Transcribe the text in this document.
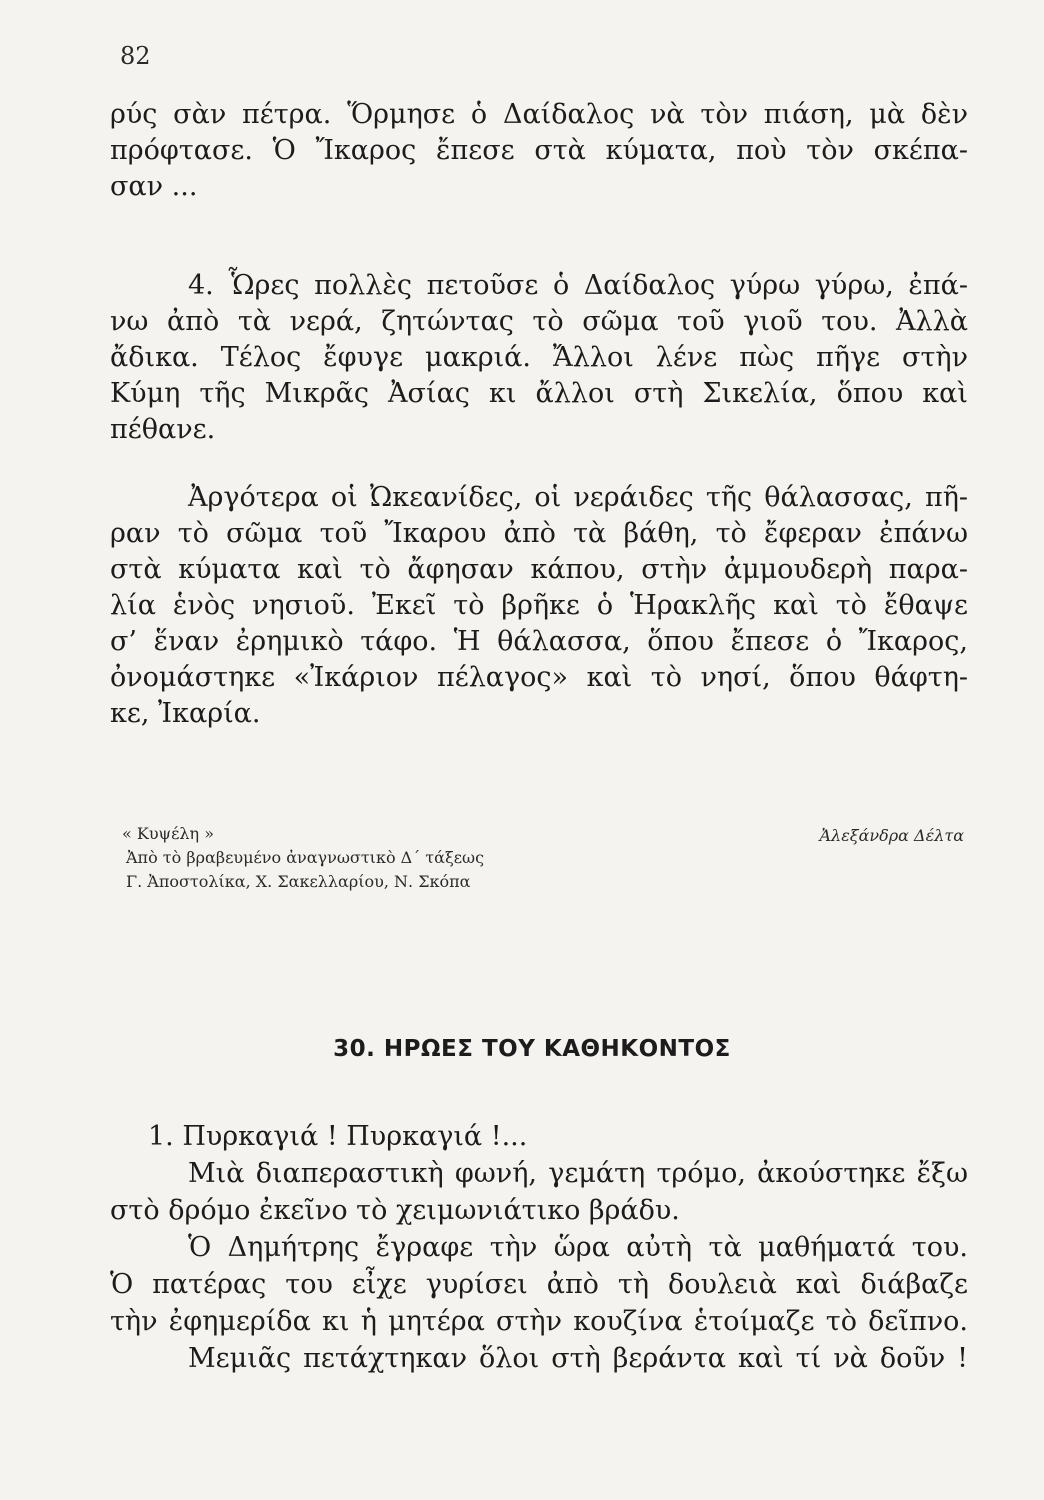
82
ρύς σὰν πέτρα. Ὅρμησε ὁ Δαίδαλος νὰ τὸν πιάση, μὰ δὲν
πρόφτασε. Ὁ Ἴκαρος ἔπεσε στὰ κύματα, ποὺ τὸν σκέπα-
σαν ...
4. Ὧρες πολλὲς πετοῦσε ὁ Δαίδαλος γύρω γύρω, ἐπά-
νω ἀπὸ τὰ νερά, ζητώντας τὸ σῶμα τοῦ γιοῦ του. Ἀλλὰ
ἄδικα. Τέλος ἔφυγε μακριά. Ἄλλοι λένε πὼς πῆγε στὴν
Κύμη τῆς Μικρᾶς Ἀσίας κι ἄλλοι στὴ Σικελία, ὅπου καὶ
πέθανε.
Ἀργότερα οἱ Ὠκεανίδες, οἱ νεράιδες τῆς θάλασσας, πῆ-
ραν τὸ σῶμα τοῦ Ἴκαρου ἀπὸ τὰ βάθη, τὸ ἔφεραν ἐπάνω
στὰ κύματα καὶ τὸ ἄφησαν κάπου, στὴν ἀμμουδερὴ παρα-
λία ἑνὸς νησιοῦ. Ἐκεῖ τὸ βρῆκε ὁ Ἡρακλῆς καὶ τὸ ἔθαψε
σ’ ἕναν ἐρημικὸ τάφο. Ἡ θάλασσα, ὅπου ἔπεσε ὁ Ἴκαρος,
ὀνομάστηκε «Ἰκάριον πέλαγος» καὶ τὸ νησί, ὅπου θάφτη-
κε, Ἰκαρία.
« Κυψέλη »	Ἀλεξάνδρα Δέλτα
Ἀπὸ τὸ βραβευμένο ἀναγνωστικὸ Δ΄ τάξεως
Γ. Ἀποστολίκα, Χ. Σακελλαρίου, Ν. Σκόπα
30. ΗΡΩΕΣ ΤΟΥ ΚΑΘΗΚΟΝΤΟΣ
1. Πυρκαγιά ! Πυρκαγιά !...
Μιὰ διαπεραστικὴ φωνή, γεμάτη τρόμο, ἀκούστηκε ἔξω
στὸ δρόμο ἐκεῖνο τὸ χειμωνιάτικο βράδυ.
Ὁ Δημήτρης ἔγραφε τὴν ὥρα αὐτὴ τὰ μαθήματά του.
Ὁ πατέρας του εἶχε γυρίσει ἀπὸ τὴ δουλειὰ καὶ διάβαζε
τὴν ἐφημερίδα κι ἡ μητέρα στὴν κουζίνα ἑτοίμαζε τὸ δεῖπνο.
Μεμιᾶς πετάχτηκαν ὅλοι στὴ βεράντα καὶ τί νὰ δοῦν !
